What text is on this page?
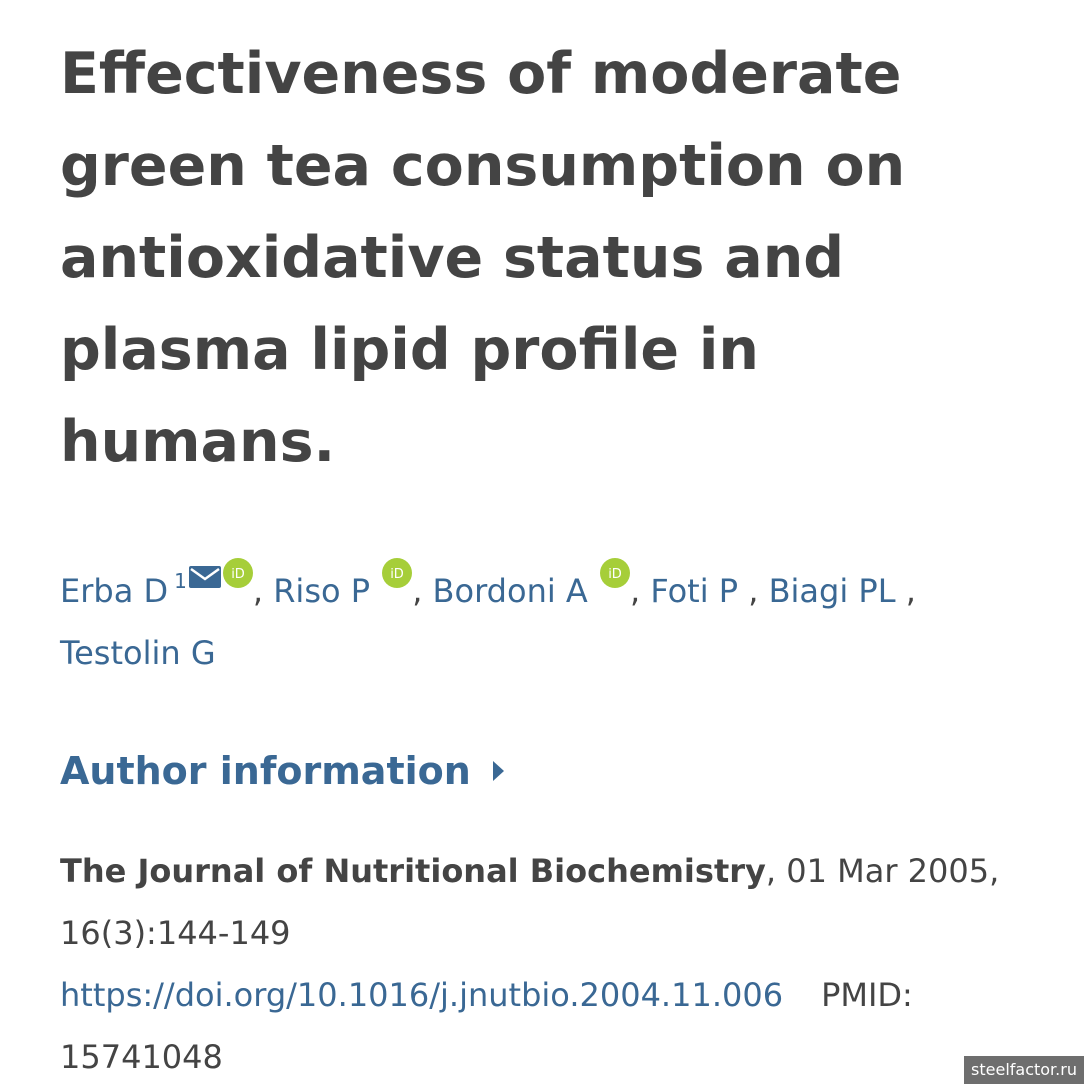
Effectiveness of moderate green tea consumption on antioxidative status and plasma lipid profile in humans.
Erba D $^1$	iD , Riso P iD , Bordoni A iD , Foti P , Biagi PL ,
Testolin G
Author information
The Journal of Nutritional Biochemistry, 01 Mar 2005,
16(3):144-149
https://doi.org/10.1016/j.jnutbio.2004.11.006 PMID:
15741048	steelfactor.ru
